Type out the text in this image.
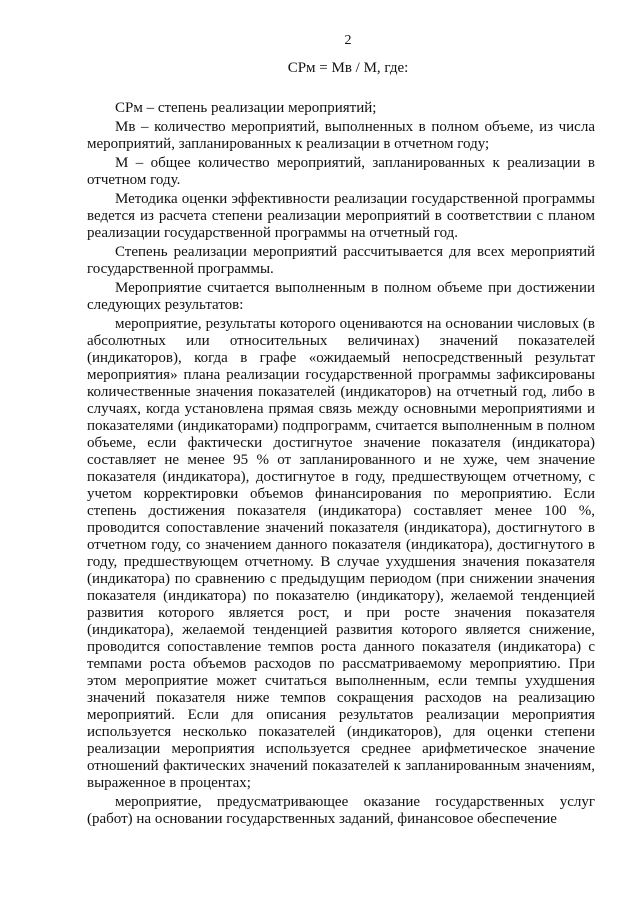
2
СРм = Мв / М, где:

СРм – степень реализации мероприятий;

Мв – количество мероприятий, выполненных в полном объеме, из числа мероприятий, запланированных к реализации в отчетном году;

М – общее количество мероприятий, запланированных к реализации в отчетном году.

Методика оценки эффективности реализации государственной программы ведется из расчета степени реализации мероприятий в соответствии с планом реализации государственной программы на отчетный год.

Степень реализации мероприятий рассчитывается для всех мероприятий государственной программы.

Мероприятие считается выполненным в полном объеме при достижении следующих результатов:

мероприятие, результаты которого оцениваются на основании числовых (в абсолютных или относительных величинах) значений показателей (индикаторов), когда в графе «ожидаемый непосредственный результат мероприятия» плана реализации государственной программы зафиксированы количественные значения показателей (индикаторов) на отчетный год, либо в случаях, когда установлена прямая связь между основными мероприятиями и показателями (индикаторами) подпрограмм, считается выполненным в полном объеме, если фактически достигнутое значение показателя (индикатора) составляет не менее 95 % от запланированного и не хуже, чем значение показателя (индикатора), достигнутое в году, предшествующем отчетному, с учетом корректировки объемов финансирования по мероприятию. Если степень достижения показателя (индикатора) составляет менее 100 %, проводится сопоставление значений показателя (индикатора), достигнутого в отчетном году, со значением данного показателя (индикатора), достигнутого в году, предшествующем отчетному. В случае ухудшения значения показателя (индикатора) по сравнению с предыдущим периодом (при снижении значения показателя (индикатора) по показателю (индикатору), желаемой тенденцией развития которого является рост, и при росте значения показателя (индикатора), желаемой тенденцией развития которого является снижение, проводится сопоставление темпов роста данного показателя (индикатора) с темпами роста объемов расходов по рассматриваемому мероприятию. При этом мероприятие может считаться выполненным, если темпы ухудшения значений показателя ниже темпов сокращения расходов на реализацию мероприятий. Если для описания результатов реализации мероприятия используется несколько показателей (индикаторов), для оценки степени реализации мероприятия используется среднее арифметическое значение отношений фактических значений показателей к запланированным значениям, выраженное в процентах;

мероприятие, предусматривающее оказание государственных услуг (работ) на основании государственных заданий, финансовое обеспечение
